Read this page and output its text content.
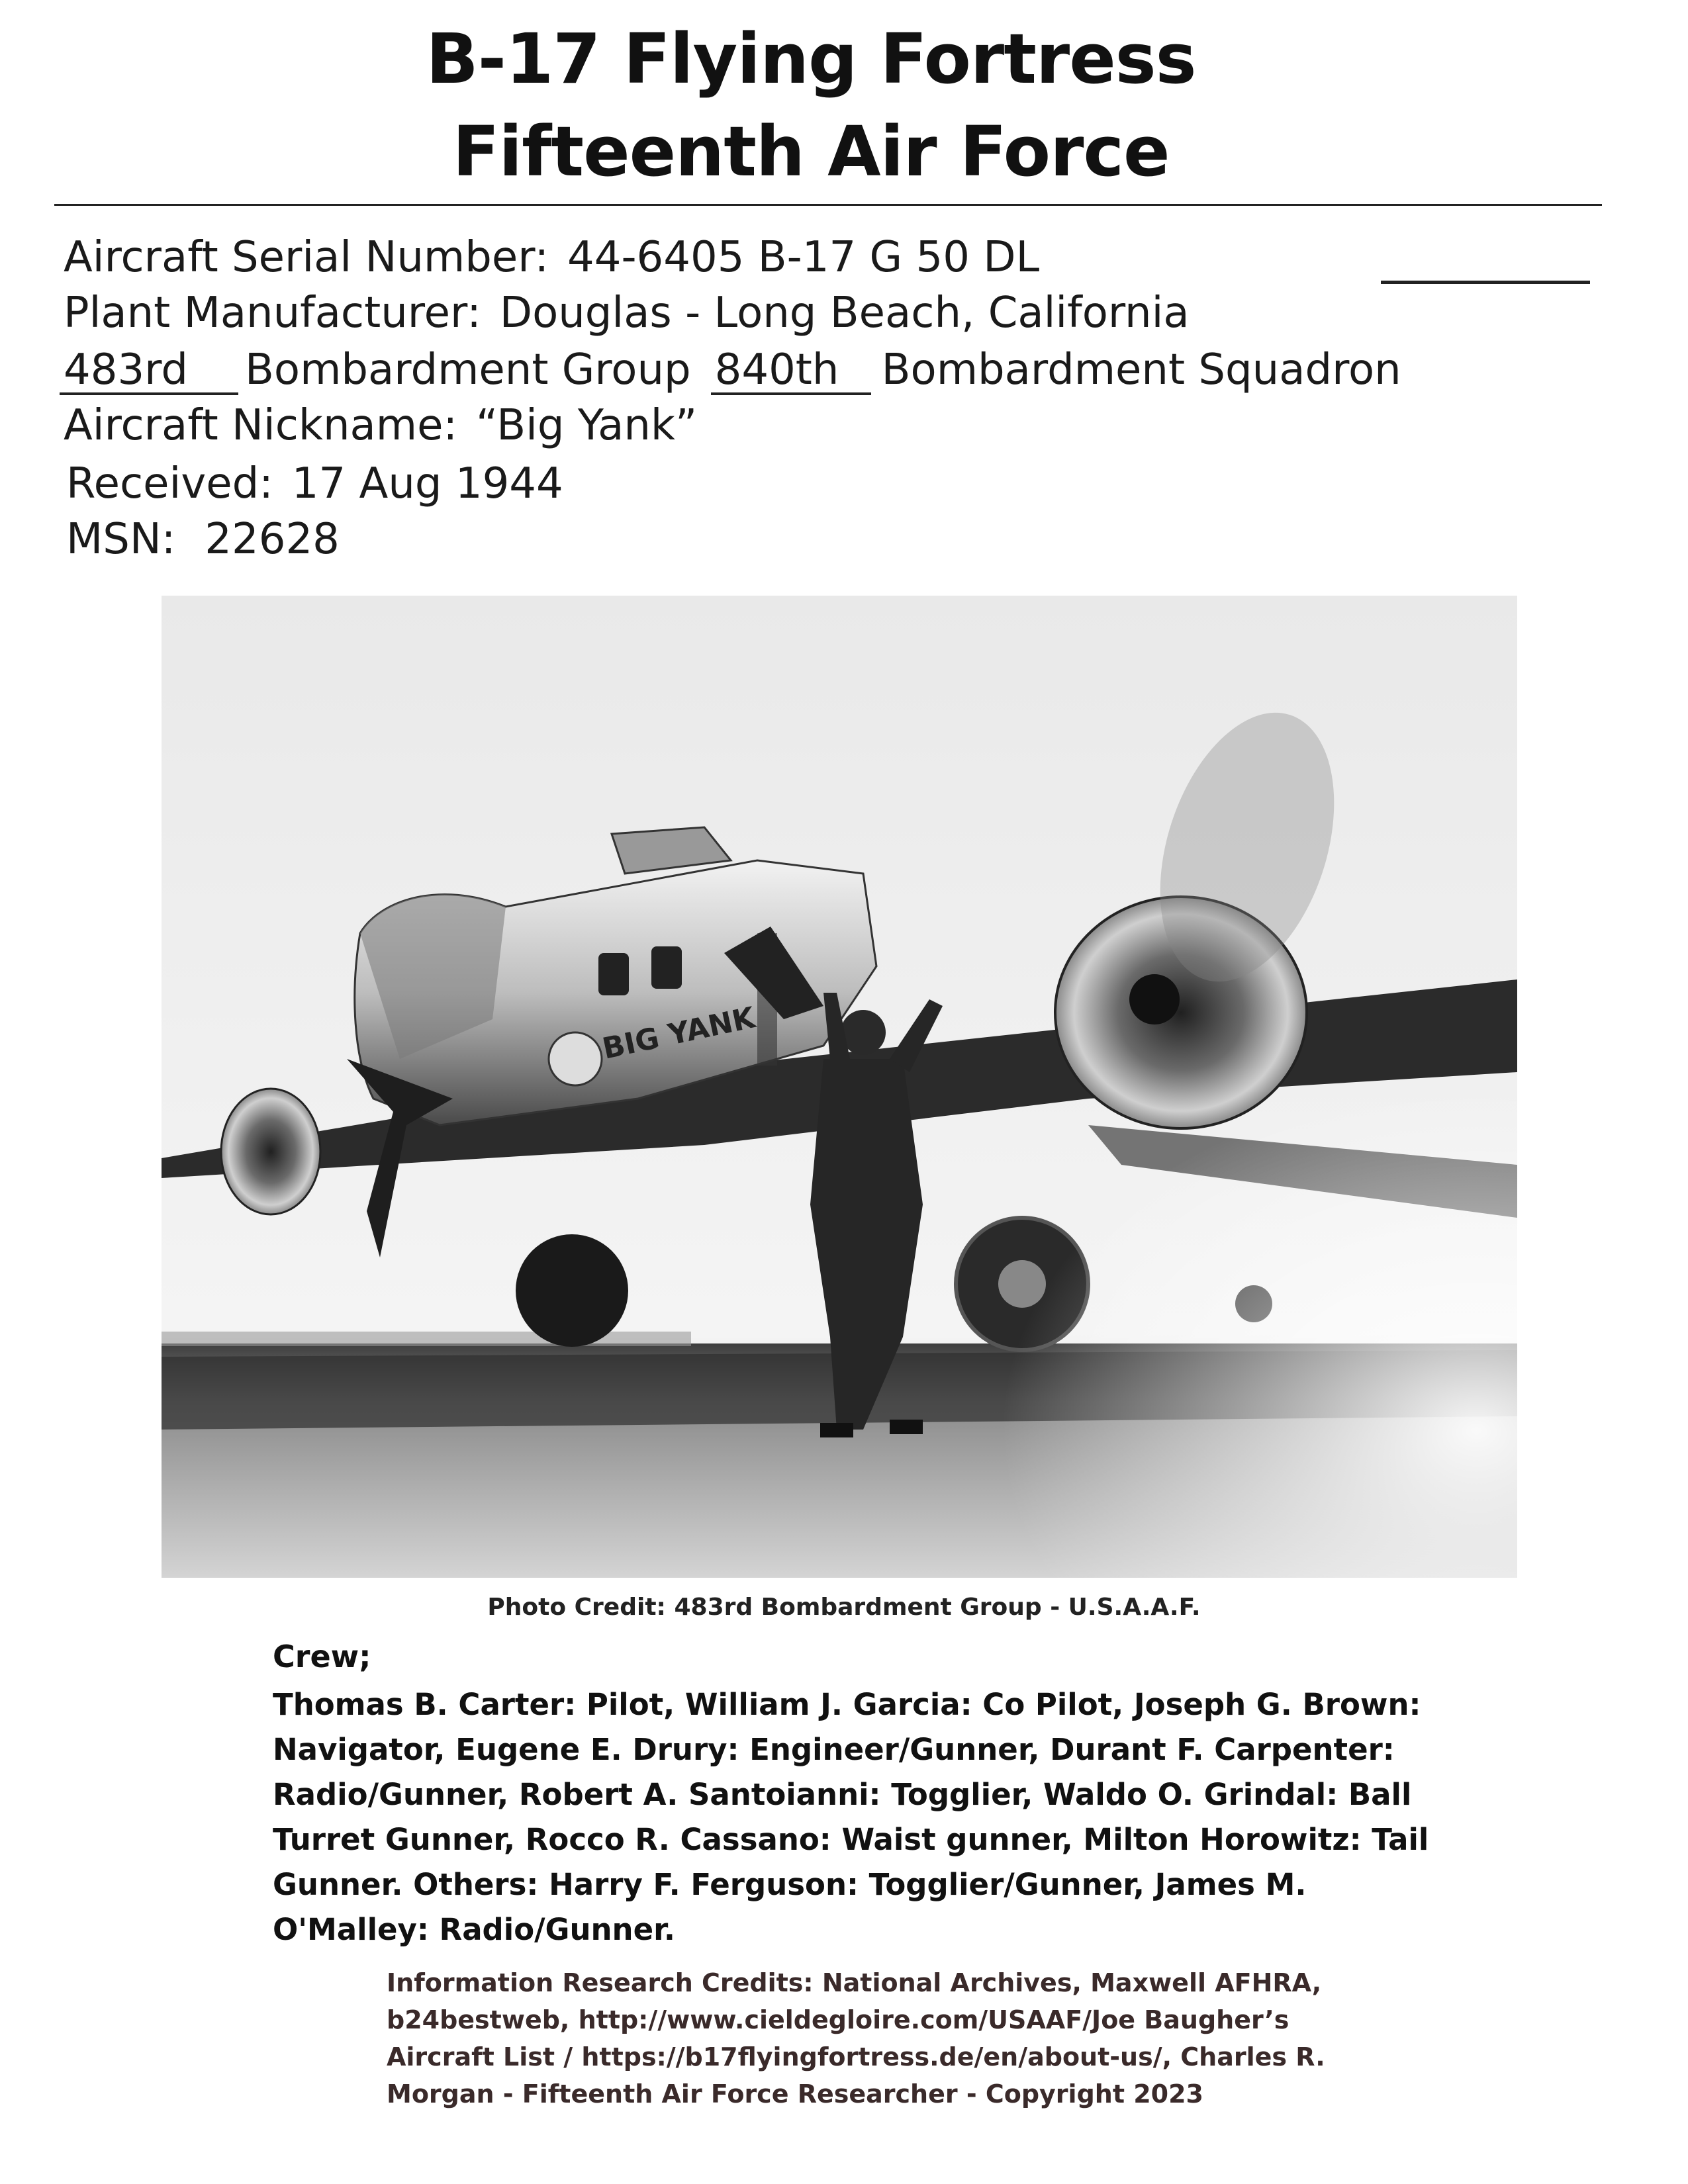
B-17 Flying Fortress
Fifteenth Air Force
Aircraft Serial Number: 44-6405 B-17 G 50 DL
Plant Manufacturer: Douglas - Long Beach, California
483rd Bombardment Group 840th Bombardment Squadron
Aircraft Nickname: “Big Yank”
Received: 17 Aug 1944
MSN: 22628
Photo Credit: 483rd Bombardment Group - U.S.A.A.F.
Crew;
Thomas B. Carter: Pilot, William J. Garcia: Co Pilot, Joseph G. Brown: Navigator, Eugene E. Drury: Engineer/Gunner, Durant F. Carpenter: Radio/Gunner, Robert A. Santoianni: Togglier, Waldo O. Grindal: Ball Turret Gunner, Rocco R. Cassano: Waist gunner, Milton Horowitz: Tail Gunner. Others: Harry F. Ferguson: Togglier/Gunner, James M. O'Malley: Radio/Gunner.
Information Research Credits: National Archives, Maxwell AFHRA, b24bestweb, http://www.cieldegloire.com/USAAF/Joe Baugher’s Aircraft List / https://b17flyingfortress.de/en/about-us/, Charles R. Morgan - Fifteenth Air Force Researcher - Copyright 2023
